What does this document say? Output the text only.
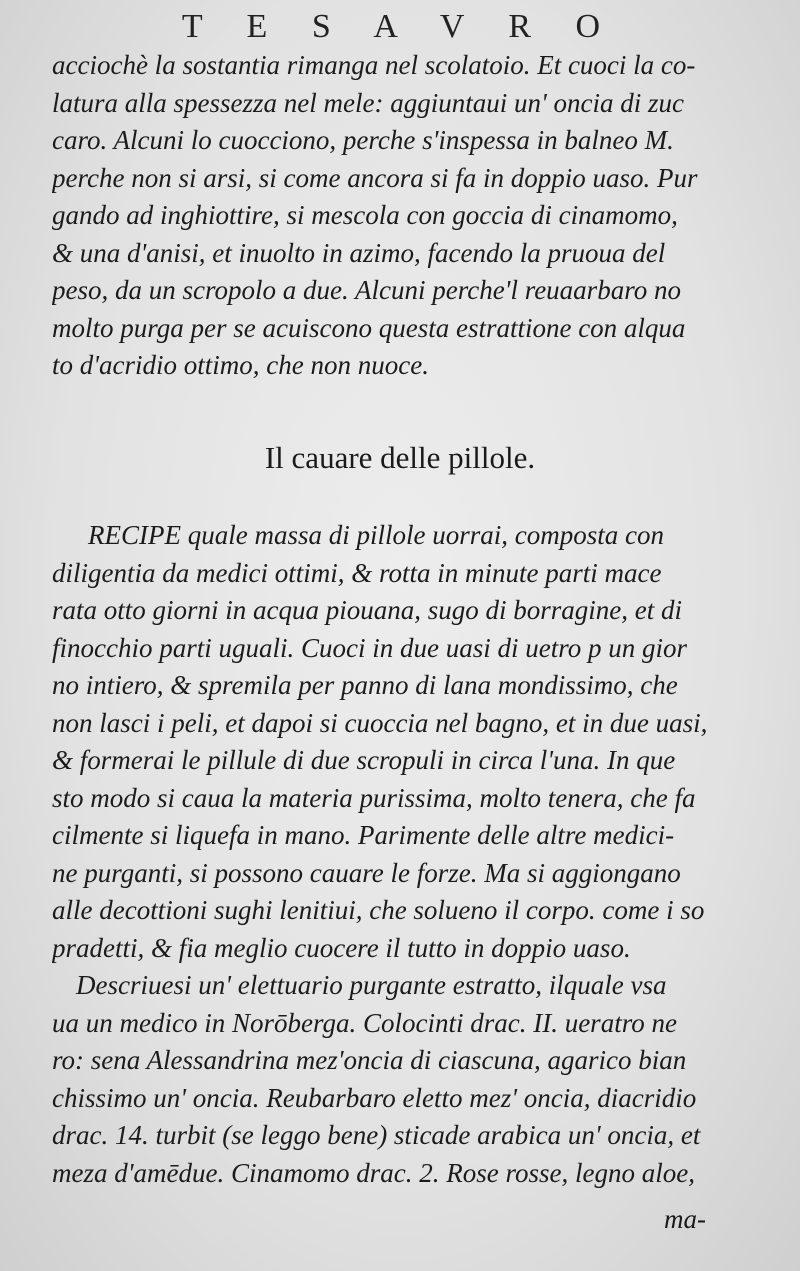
T E S A V R O
acciochè la sostantia rimanga nel scolatoio. Et cuoci la co-
latura alla spessezza nel mele: aggiuntaui un' oncia di zuc
caro. Alcuni lo cuocciono, perche s'inspessa in balneo M.
perche non si arsi, si come ancora si fa in doppio uaso. Pur
gando ad inghiottire, si mescola con goccia di cinamomo,
& una d'anisi, et inuolto in azimo, facendo la pruoua del
peso, da un scropolo a due. Alcuni perche'l reuaarbaro no
molto purga per se acuiscono questa estrattione con alqua
to d'acridio ottimo, che non nuoce.
Il cauare delle pillole.
RECIPE quale massa di pillole uorrai, composta con
diligentia da medici ottimi, & rotta in minute parti mace
rata otto giorni in acqua piouana, sugo di borragine, et di
finocchio parti uguali. Cuoci in due uasi di uetro p un gior
no intiero, & spremila per panno di lana mondissimo, che
non lasci i peli, et dapoi si cuoccia nel bagno, et in due uasi,
& formerai le pillule di due scropuli in circa l'una. In que
sto modo si caua la materia purissima, molto tenera, che fa
cilmente si liquefa in mano. Parimente delle altre medici-
ne purganti, si possono cauare le forze. Ma si aggiongano
alle decottioni sughi lenitiui, che solueno il corpo. come i so
pradetti, & fia meglio cuocere il tutto in doppio uaso.
Descriuesi un' elettuario purgante estratto, ilquale vsa
ua un medico in Norōberga. Colocinti drac. II. ueratro ne
ro: sena Alessandrina mez'oncia di ciascuna, agarico bian
chissimo un' oncia. Reubarbaro eletto mez' oncia, diacridio
drac. 14. turbit (se leggo bene) sticade arabica un' oncia, et
meza d'amēdue. Cinamomo drac. 2. Rose rosse, legno aloe,
ma-
